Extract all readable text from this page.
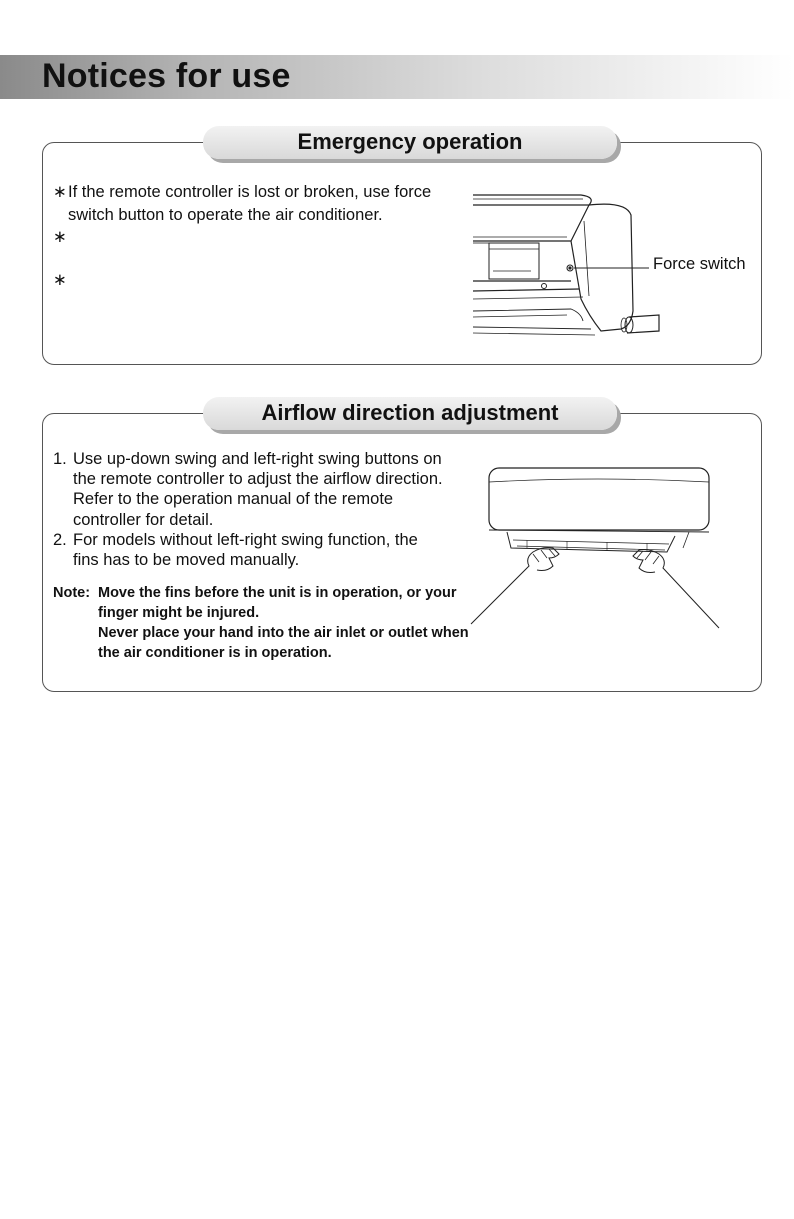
Notices for use
Emergency operation
∗ If the remote controller is lost or broken, use force switch button to operate the air conditioner.
∗
∗
Force switch
Airflow direction adjustment
1. Use up-down swing and left-right swing buttons on the remote controller to adjust the airflow direction. Refer to the operation manual of the remote controller for detail.
2. For models without left-right swing function, the fins has to be moved manually.
Note: Move the fins before the unit is in operation, or your finger might be injured.
Never place your hand into the air inlet or outlet when the air conditioner is in operation.
